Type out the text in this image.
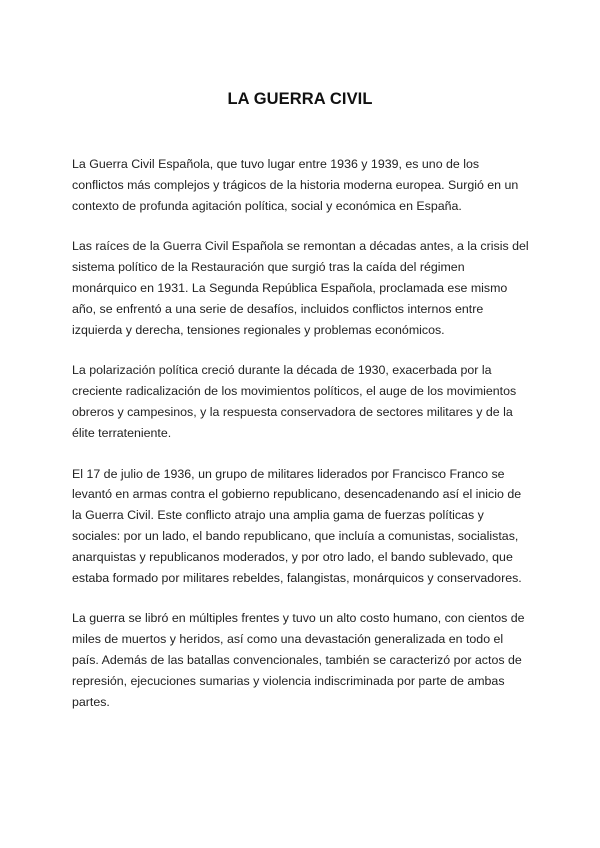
LA GUERRA CIVIL

La Guerra Civil Española, que tuvo lugar entre 1936 y 1939, es uno de los conflictos más complejos y trágicos de la historia moderna europea. Surgió en un contexto de profunda agitación política, social y económica en España.

Las raíces de la Guerra Civil Española se remontan a décadas antes, a la crisis del sistema político de la Restauración que surgió tras la caída del régimen monárquico en 1931. La Segunda República Española, proclamada ese mismo año, se enfrentó a una serie de desafíos, incluidos conflictos internos entre izquierda y derecha, tensiones regionales y problemas económicos.

La polarización política creció durante la década de 1930, exacerbada por la creciente radicalización de los movimientos políticos, el auge de los movimientos obreros y campesinos, y la respuesta conservadora de sectores militares y de la élite terrateniente.

El 17 de julio de 1936, un grupo de militares liderados por Francisco Franco se levantó en armas contra el gobierno republicano, desencadenando así el inicio de la Guerra Civil. Este conflicto atrajo una amplia gama de fuerzas políticas y sociales: por un lado, el bando republicano, que incluía a comunistas, socialistas, anarquistas y republicanos moderados, y por otro lado, el bando sublevado, que estaba formado por militares rebeldes, falangistas, monárquicos y conservadores.

La guerra se libró en múltiples frentes y tuvo un alto costo humano, con cientos de miles de muertos y heridos, así como una devastación generalizada en todo el país. Además de las batallas convencionales, también se caracterizó por actos de represión, ejecuciones sumarias y violencia indiscriminada por parte de ambas partes.
